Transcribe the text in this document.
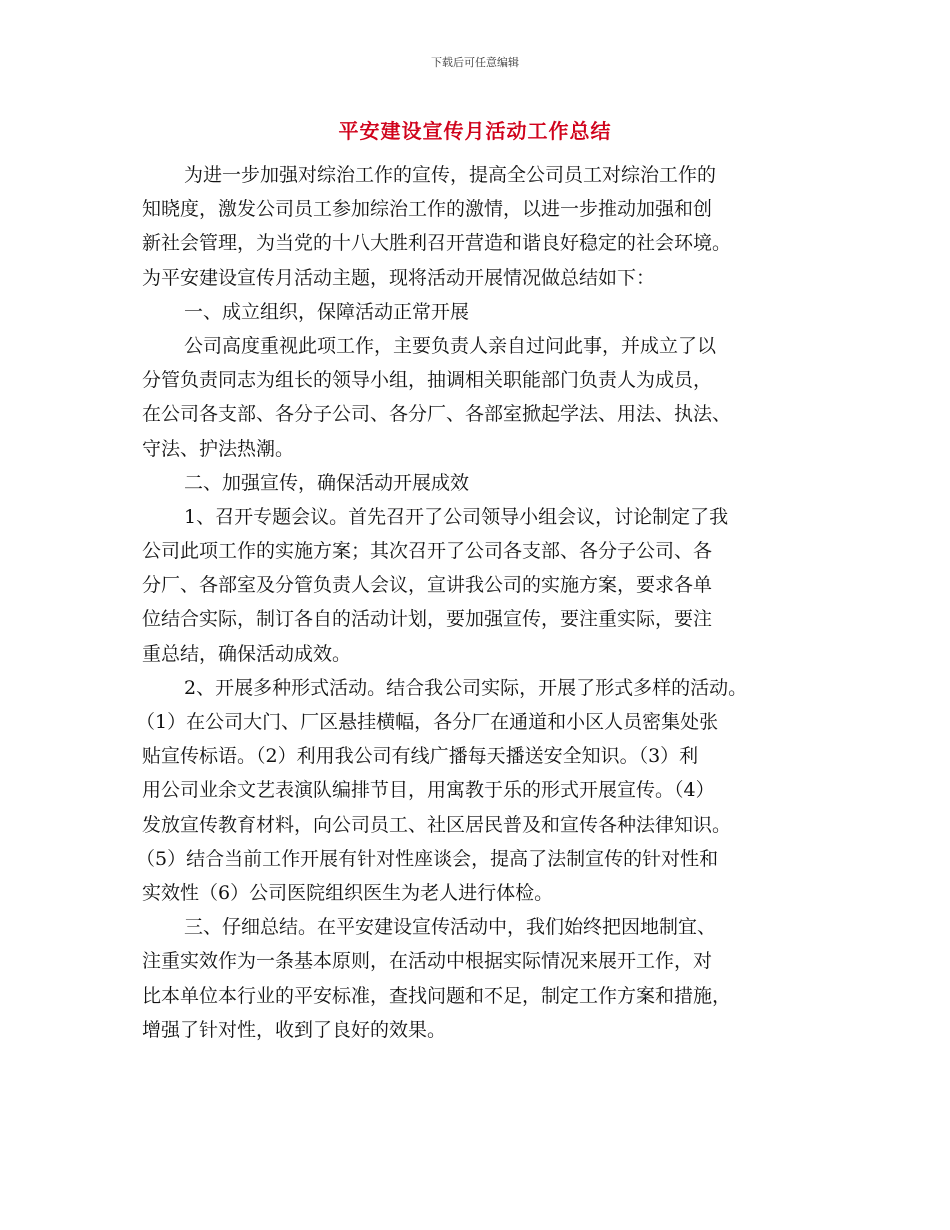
下载后可任意编辑
平安建设宣传月活动工作总结
为进一步加强对综治工作的宣传，提高全公司员工对综治工作的
知晓度，激发公司员工参加综治工作的激情，以进一步推动加强和创
新社会管理，为当党的十八大胜利召开营造和谐良好稳定的社会环境。
为平安建设宣传月活动主题，现将活动开展情况做总结如下：
一、成立组织，保障活动正常开展
公司高度重视此项工作，主要负责人亲自过问此事，并成立了以
分管负责同志为组长的领导小组，抽调相关职能部门负责人为成员，
在公司各支部、各分子公司、各分厂、各部室掀起学法、用法、执法、
守法、护法热潮。
二、加强宣传，确保活动开展成效
1、召开专题会议。首先召开了公司领导小组会议，讨论制定了我
公司此项工作的实施方案；其次召开了公司各支部、各分子公司、各
分厂、各部室及分管负责人会议，宣讲我公司的实施方案，要求各单
位结合实际，制订各自的活动计划，要加强宣传，要注重实际，要注
重总结，确保活动成效。
2、开展多种形式活动。结合我公司实际，开展了形式多样的活动。
（1）在公司大门、厂区悬挂横幅，各分厂在通道和小区人员密集处张
贴宣传标语。（2）利用我公司有线广播每天播送安全知识。（3）利
用公司业余文艺表演队编排节目，用寓教于乐的形式开展宣传。（4）
发放宣传教育材料，向公司员工、社区居民普及和宣传各种法律知识。
（5）结合当前工作开展有针对性座谈会，提高了法制宣传的针对性和
实效性（6）公司医院组织医生为老人进行体检。
三、仔细总结。在平安建设宣传活动中，我们始终把因地制宜、
注重实效作为一条基本原则，在活动中根据实际情况来展开工作，对
比本单位本行业的平安标准，查找问题和不足，制定工作方案和措施，
增强了针对性，收到了良好的效果。
